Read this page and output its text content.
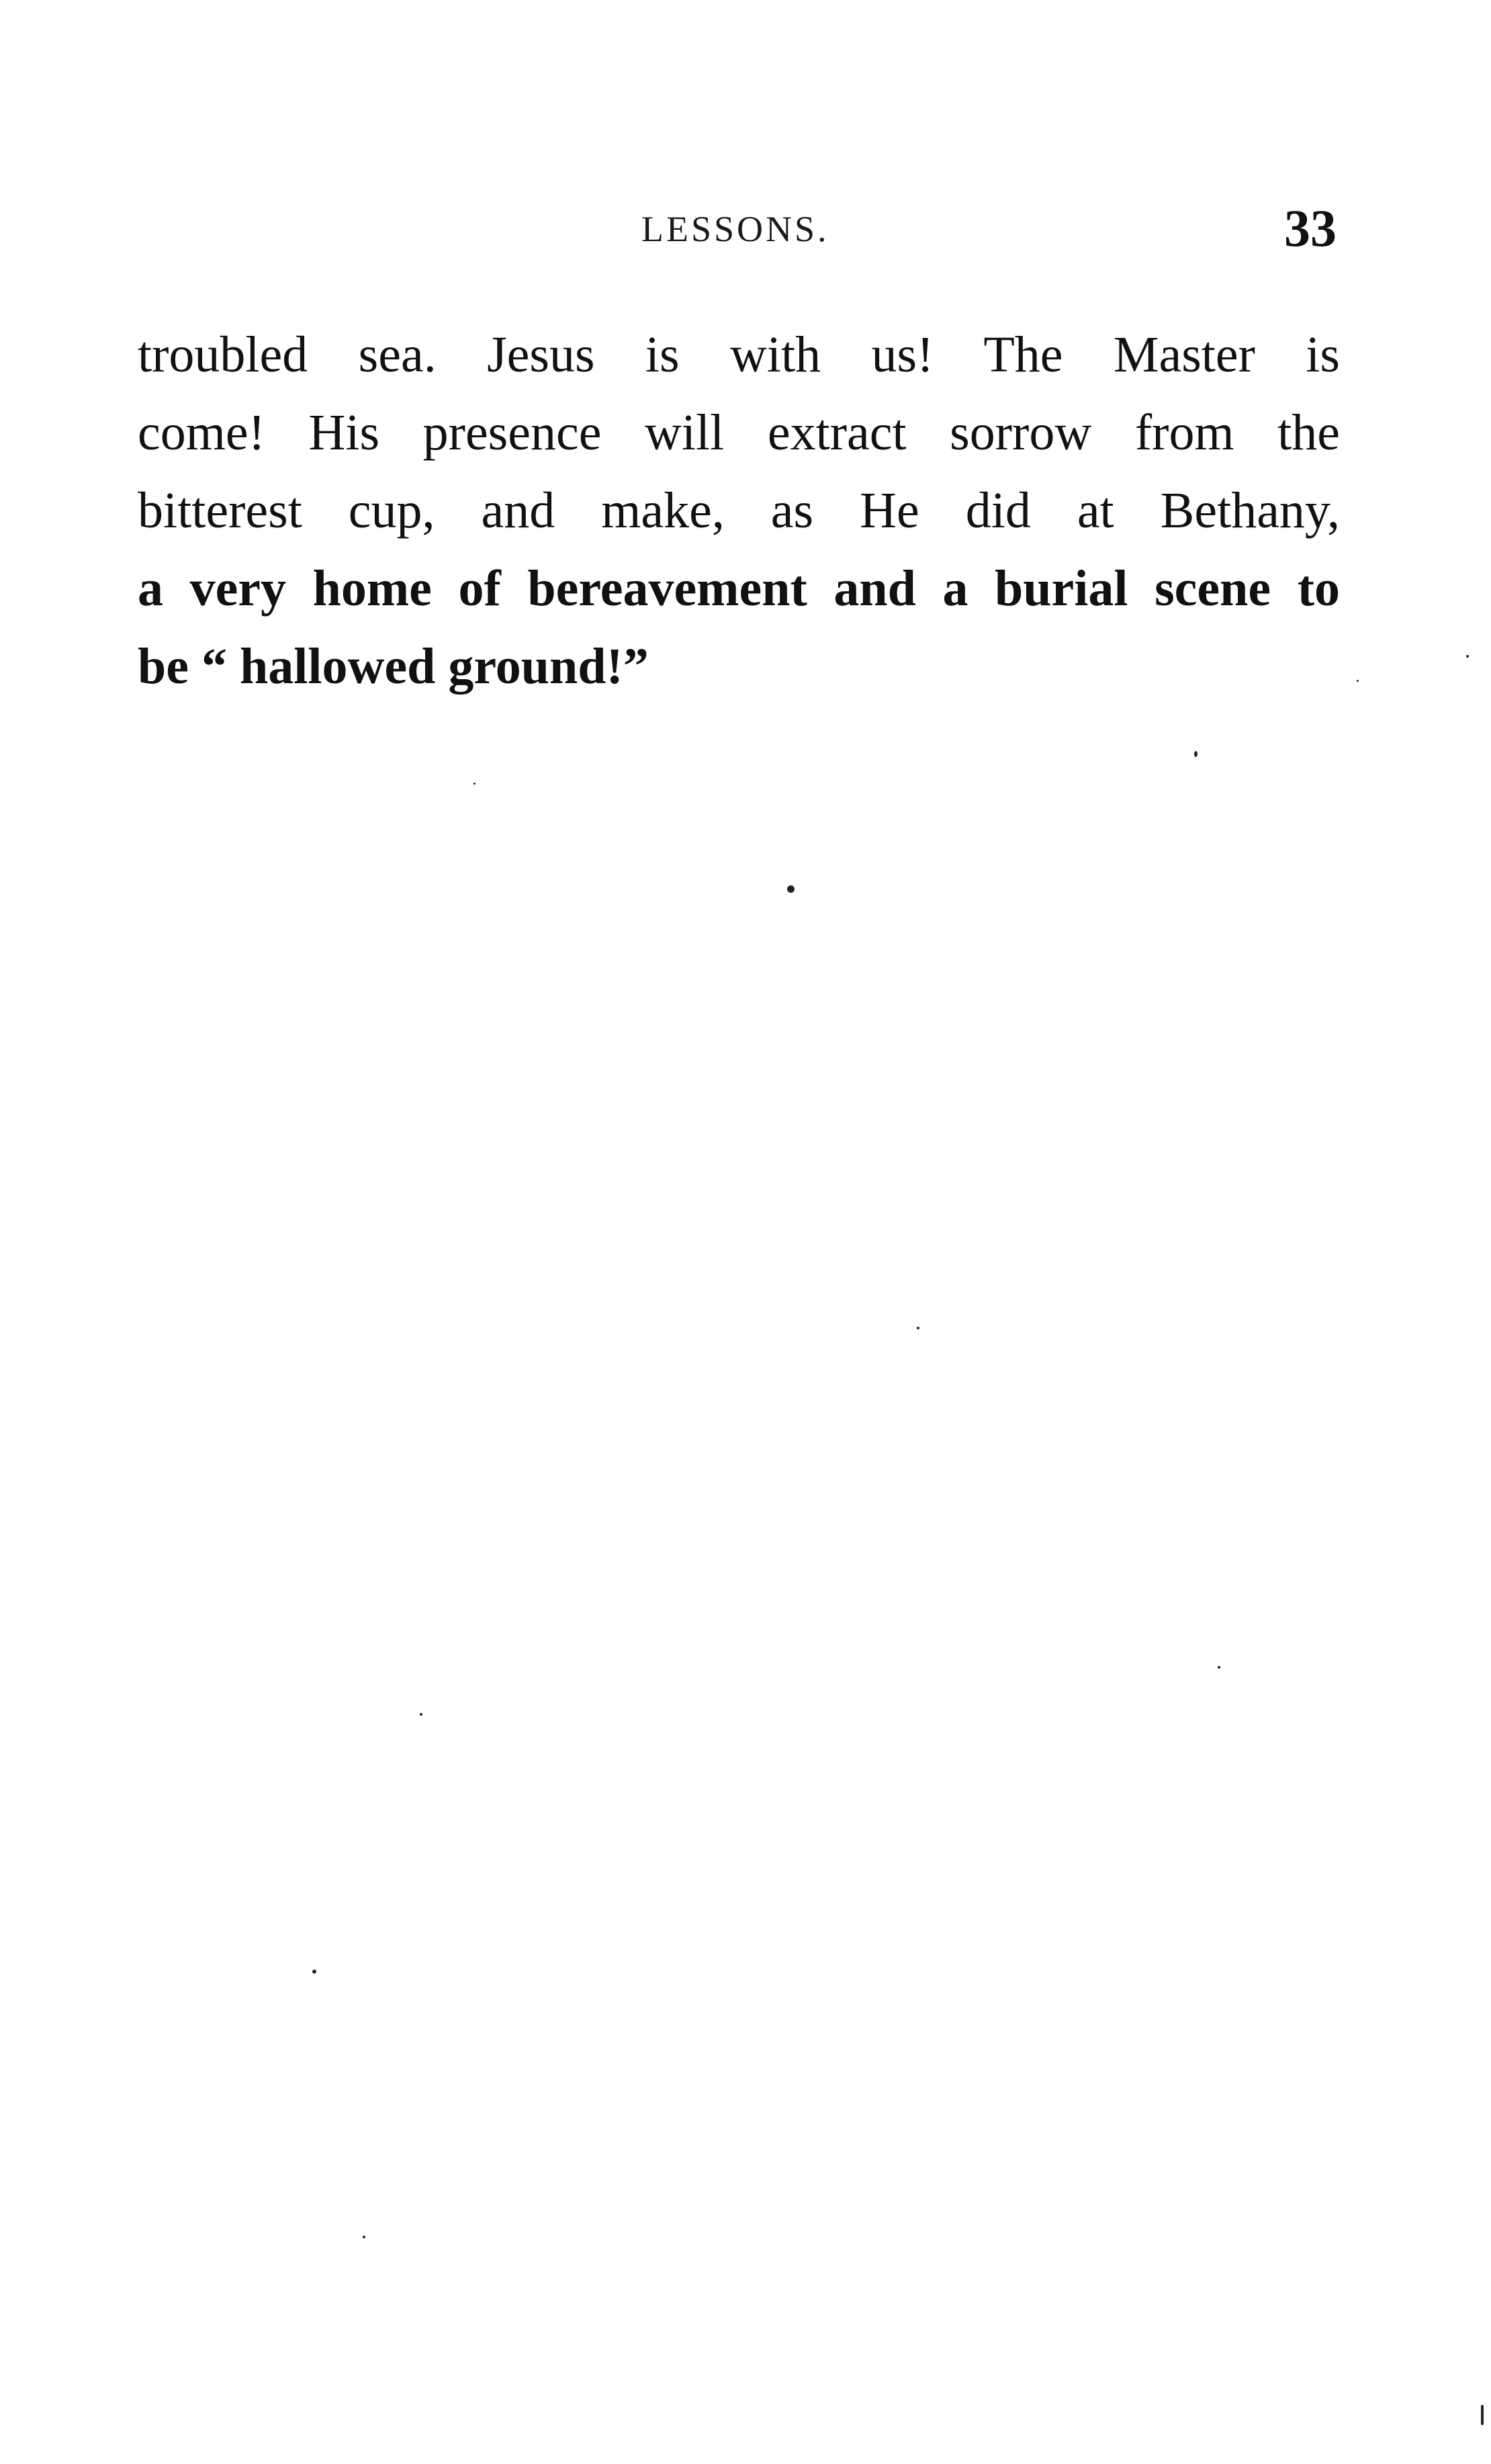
LESSONS.	33
troubled sea. Jesus is with us! The Master is
come! His presence will extract sorrow from the
bitterest cup, and make, as He did at Bethany,
a very home of bereavement and a burial scene to
be “ hallowed ground!”
